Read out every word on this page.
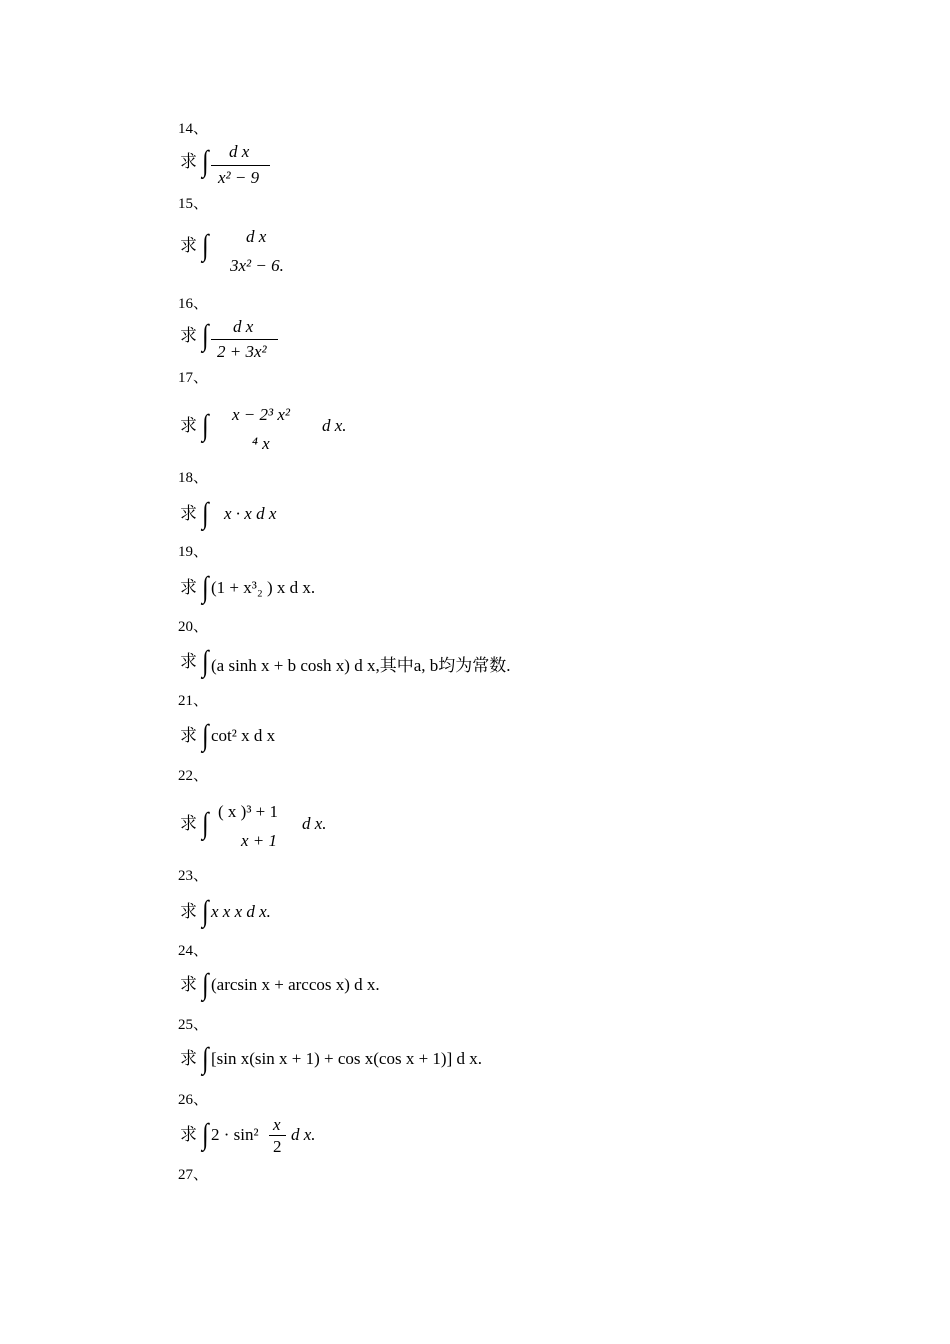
14、
求 ∫ d x
x² − 9
15、
求 ∫ d x
3x² − 6.
16、
求 ∫ d x
2 + 3x²
17、
求 ∫ x − 2³ x²
⁴ x
d x.
18、
求 ∫ x · x d x
19、
求 ∫ (1 + x³₂ ) x d x.
20、
求 ∫ (a sinh x + b cosh x) d x,其中a, b均为常数.
21、
求 ∫ cot² x d x
22、
求 ∫ ( x )³ + 1
x + 1
d x.
23、
求 ∫ x x x d x.
24、
求 ∫ (arcsin x + arccos x) d x.
25、
求 ∫ [sin x(sin x + 1) + cos x(cos x + 1)] d x.
26、
求 ∫ 2 · sin²
x
2
d x.
27、
